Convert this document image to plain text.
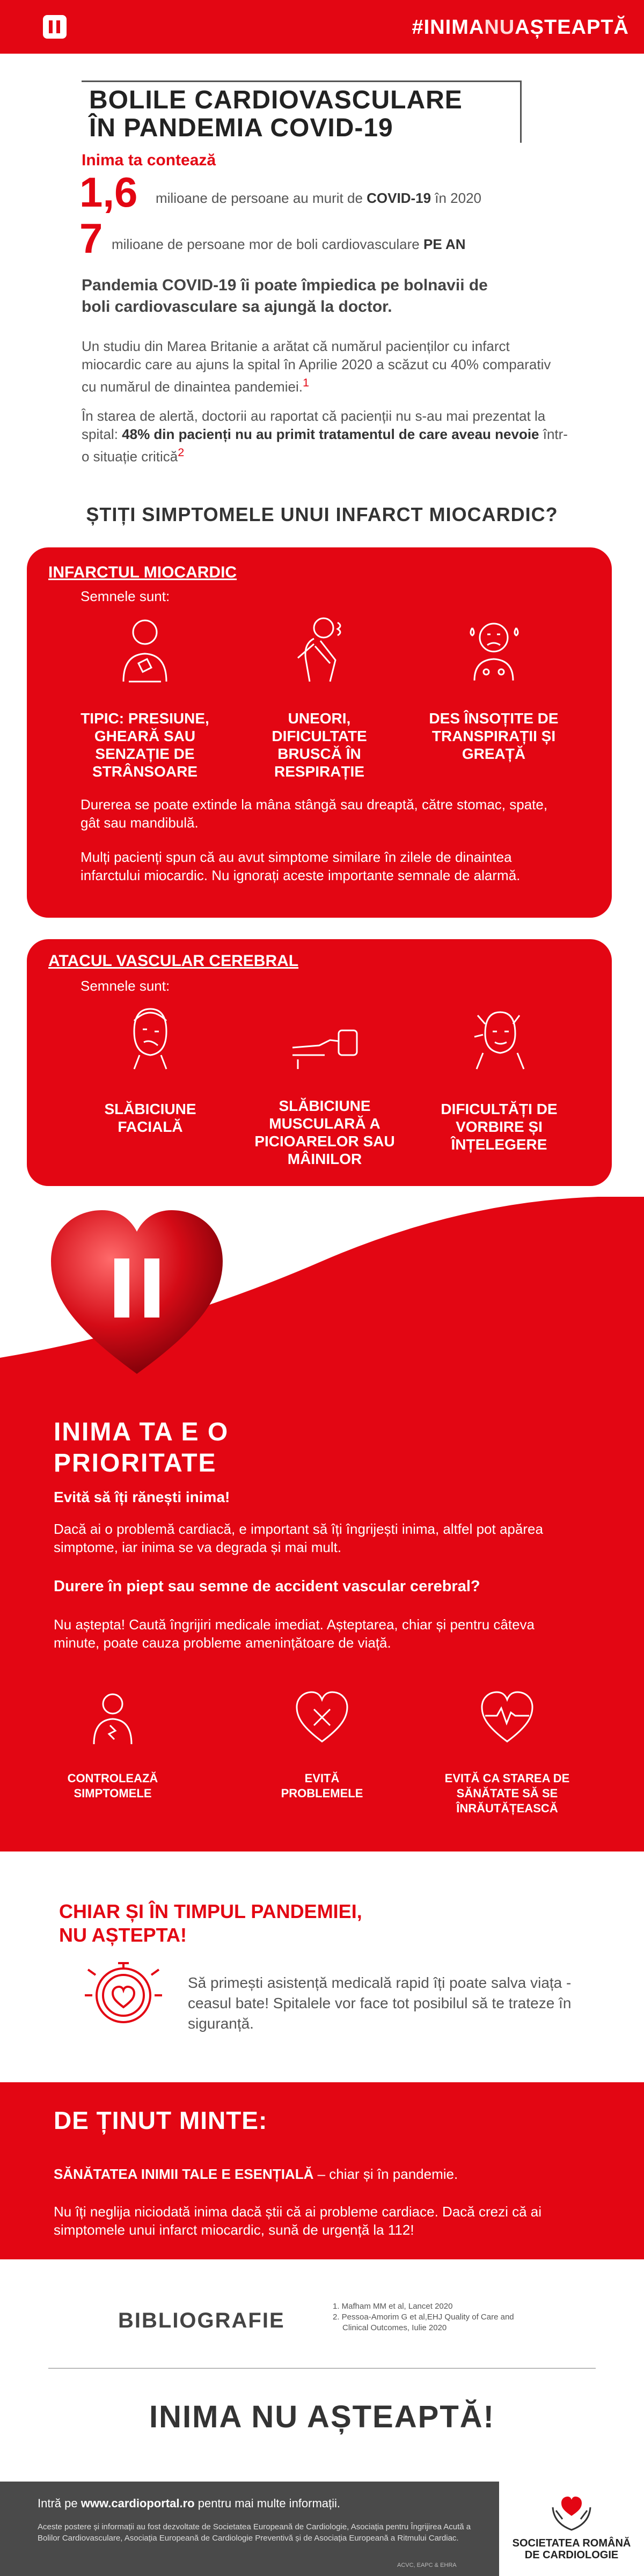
#INIMANUAȘTEAPTĂ
BOLILE CARDIOVASCULARE
ÎN PANDEMIA COVID-19
Inima ta contează
1,6 milioane de persoane au murit de COVID-19 în 2020
7 milioane de persoane mor de boli cardiovasculare PE AN
Pandemia COVID-19 îi poate împiedica pe bolnavii de boli cardiovasculare sa ajungă la doctor.
Un studiu din Marea Britanie a arătat că numărul pacienților cu infarct miocardic care au ajuns la spital în Aprilie 2020 a scăzut cu 40% comparativ cu numărul de dinaintea pandemiei.$^1$
În starea de alertă, doctorii au raportat că pacienții nu s-au mai prezentat la spital: 48% din pacienți nu au primit tratamentul de care aveau nevoie într-o situație critică$^2$
ȘTIȚI SIMPTOMELE UNUI INFARCT MIOCARDIC?
INFARCTUL MIOCARDIC
Semnele sunt:
TIPIC: PRESIUNE,
GHEARĂ SAU
SENZAȚIE DE
STRÂNSOARE
UNEORI,
DIFICULTATE
BRUSCĂ ÎN
RESPIRAȚIE
DES ÎNSOȚITE DE
TRANSPIRAȚII ȘI
GREAȚĂ
Durerea se poate extinde la mâna stângă sau dreaptă, către stomac, spate, gât sau mandibulă.
Mulți pacienți spun că au avut simptome similare în zilele de dinaintea infarctului miocardic. Nu ignorați aceste importante semnale de alarmă.
ATACUL VASCULAR CEREBRAL
Semnele sunt:
SLĂBICIUNE
FACIALĂ
SLĂBICIUNE
MUSCULARĂ A
PICIOARELOR SAU
MÂINILOR
DIFICULTĂȚI DE
VORBIRE ȘI
ÎNȚELEGERE
INIMA TA E O
PRIORITATE
Evită să îți rănești inima!
Dacă ai o problemă cardiacă, e important să îți îngrijești inima, altfel pot apărea simptome, iar inima se va degrada și mai mult.
Durere în piept sau semne de accident vascular cerebral?
Nu aștepta! Caută îngrijiri medicale imediat. Așteptarea, chiar și pentru câteva minute, poate cauza probleme amenințătoare de viață.
CONTROLEAZĂ
SIMPTOMELE
EVITĂ
PROBLEMELE
EVITĂ CA STAREA DE
SĂNĂTATE SĂ SE
ÎNRĂUTĂȚEASCĂ
CHIAR ȘI ÎN TIMPUL PANDEMIEI,
NU AȘTEPTA!
Să primești asistență medicală rapid îți poate salva viața - ceasul bate! Spitalele vor face tot posibilul să te trateze în siguranță.
DE ȚINUT MINTE:
SĂNĂTATEA INIMII TALE E ESENȚIALĂ – chiar și în pandemie.
Nu îți neglija niciodată inima dacă știi că ai probleme cardiace. Dacă crezi că ai simptomele unui infarct miocardic, sună de urgență la 112!
BIBLIOGRAFIE
1. Mafham MM et al, Lancet 2020
2. Pessoa-Amorim G et al,EHJ Quality of Care and
Clinical Outcomes, Iulie 2020
INIMA NU AȘTEAPTĂ!
Intră pe www.cardioportal.ro pentru mai multe informații.
Aceste postere și informații au fost dezvoltate de Societatea Europeană de Cardiologie, Asociația pentru Îngrijirea Acută a Bolilor Cardiovasculare, Asociația Europeană de Cardiologie Preventivă și de Asociația Europeană a Ritmului Cardiac.
ACVC, EAPC & EHRA
SOCIETATEA ROMÂNĂ
DE CARDIOLOGIE
